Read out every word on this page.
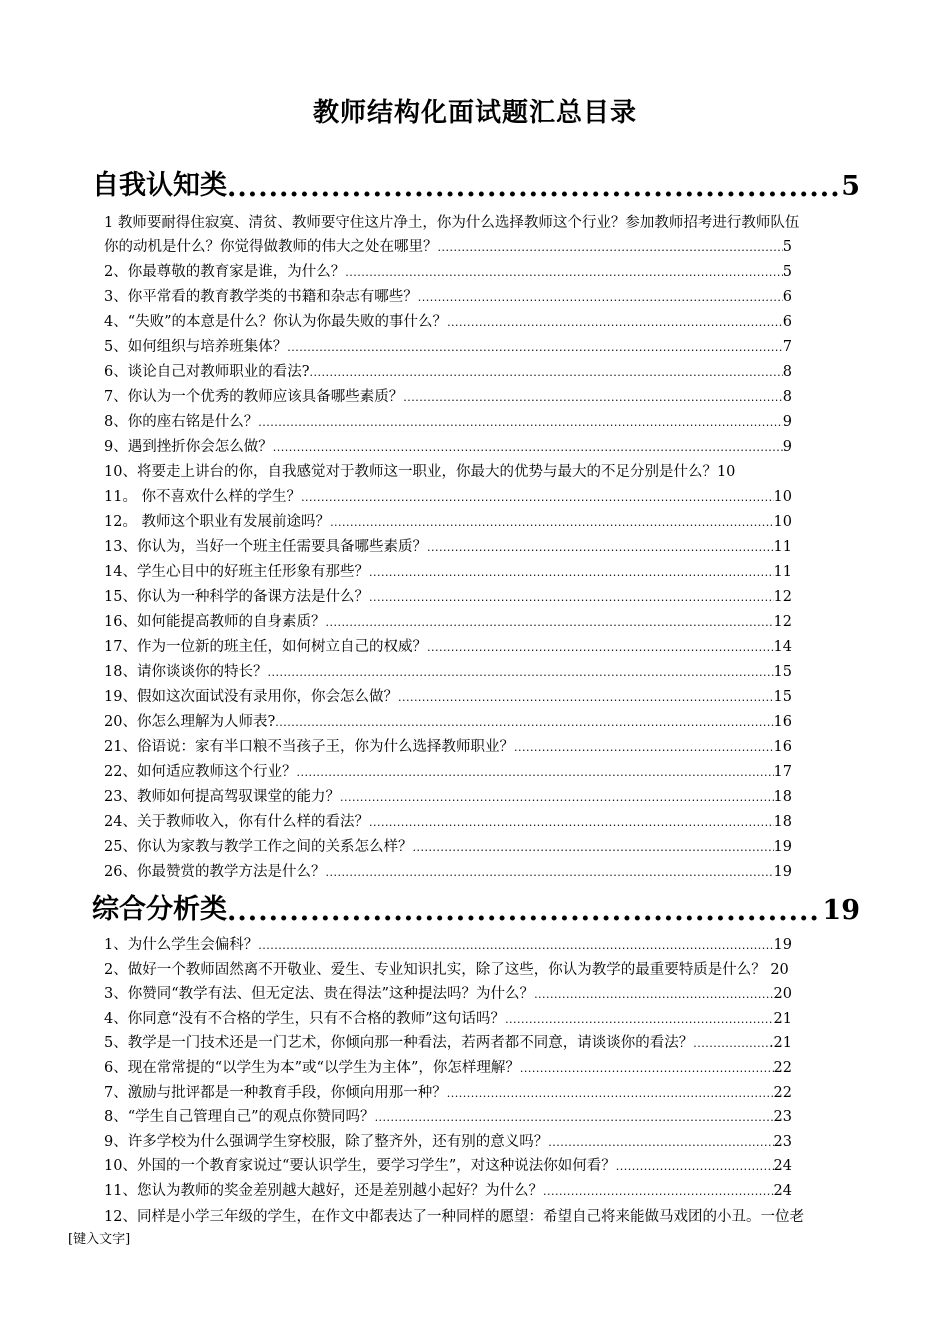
教师结构化面试题汇总目录
自我认知类 .....	5
1 教师要耐得住寂寞、清贫、教师要守住这片净土，你为什么选择教师这个行业？参加教师招考进行教师队伍
你的动机是什么？你觉得做教师的伟大之处在哪里？ .....	5
2、你最尊敬的教育家是谁，为什么？ .....	5
3、你平常看的教育教学类的书籍和杂志有哪些？ .....	6
4、“失败”的本意是什么？你认为你最失败的事什么？ .....	6
5、如何组织与培养班集体？ .....	7
6、谈论自己对教师职业的看法? .....	8
7、你认为一个优秀的教师应该具备哪些素质？ .....	8
8、你的座右铭是什么？ .....	9
9、遇到挫折你会怎么做？ .....	9
10、将要走上讲台的你，自我感觉对于教师这一职业，你最大的优势与最大的不足分别是什么？10
11。 你不喜欢什么样的学生？ .....	10
12。 教师这个职业有发展前途吗？ .....	10
13、你认为，当好一个班主任需要具备哪些素质？ .....	11
14、学生心目中的好班主任形象有那些？ .....	11
15、你认为一种科学的备课方法是什么？ .....	12
16、如何能提高教师的自身素质？ .....	12
17、作为一位新的班主任，如何树立自己的权威？ .....	14
18、请你谈谈你的特长？ .....	15
19、假如这次面试没有录用你，你会怎么做？ .....	15
20、你怎么理解为人师表? .....	16
21、俗语说：家有半口粮不当孩子王，你为什么选择教师职业？ .....	16
22、如何适应教师这个行业？ .....	17
23、教师如何提高驾驭课堂的能力？ .....	18
24、关于教师收入，你有什么样的看法？ .....	18
25、你认为家教与教学工作之间的关系怎么样？ .....	19
26、你最赞赏的教学方法是什么？ .....	19
综合分析类 .....	19
1、为什么学生会偏科？ .....	19
2、做好一个教师固然离不开敬业、爱生、专业知识扎实，除了这些，你认为教学的最重要特质是什么？ 20
3、你赞同“教学有法、但无定法、贵在得法”这种提法吗？为什么？ .....	20
4、你同意“没有不合格的学生，只有不合格的教师”这句话吗？ .....	21
5、教学是一门技术还是一门艺术，你倾向那一种看法，若两者都不同意，请谈谈你的看法？ .....	.21
6、现在常常提的“以学生为本”或“以学生为主体”，你怎样理解？ .....	22
7、激励与批评都是一种教育手段，你倾向用那一种？ .....	22
8、“学生自己管理自己”的观点你赞同吗？ .....	23
9、许多学校为什么强调学生穿校服，除了整齐外，还有别的意义吗？ .....	23
10、外国的一个教育家说过“要认识学生，要学习学生”，对这种说法你如何看？ .....	24
11、您认为教师的奖金差别越大越好，还是差别越小起好？为什么？ .....	24
12、同样是小学三年级的学生，在作文中都表达了一种同样的愿望：希望自己将来能做马戏团的小丑。一位老
[键入文字]
